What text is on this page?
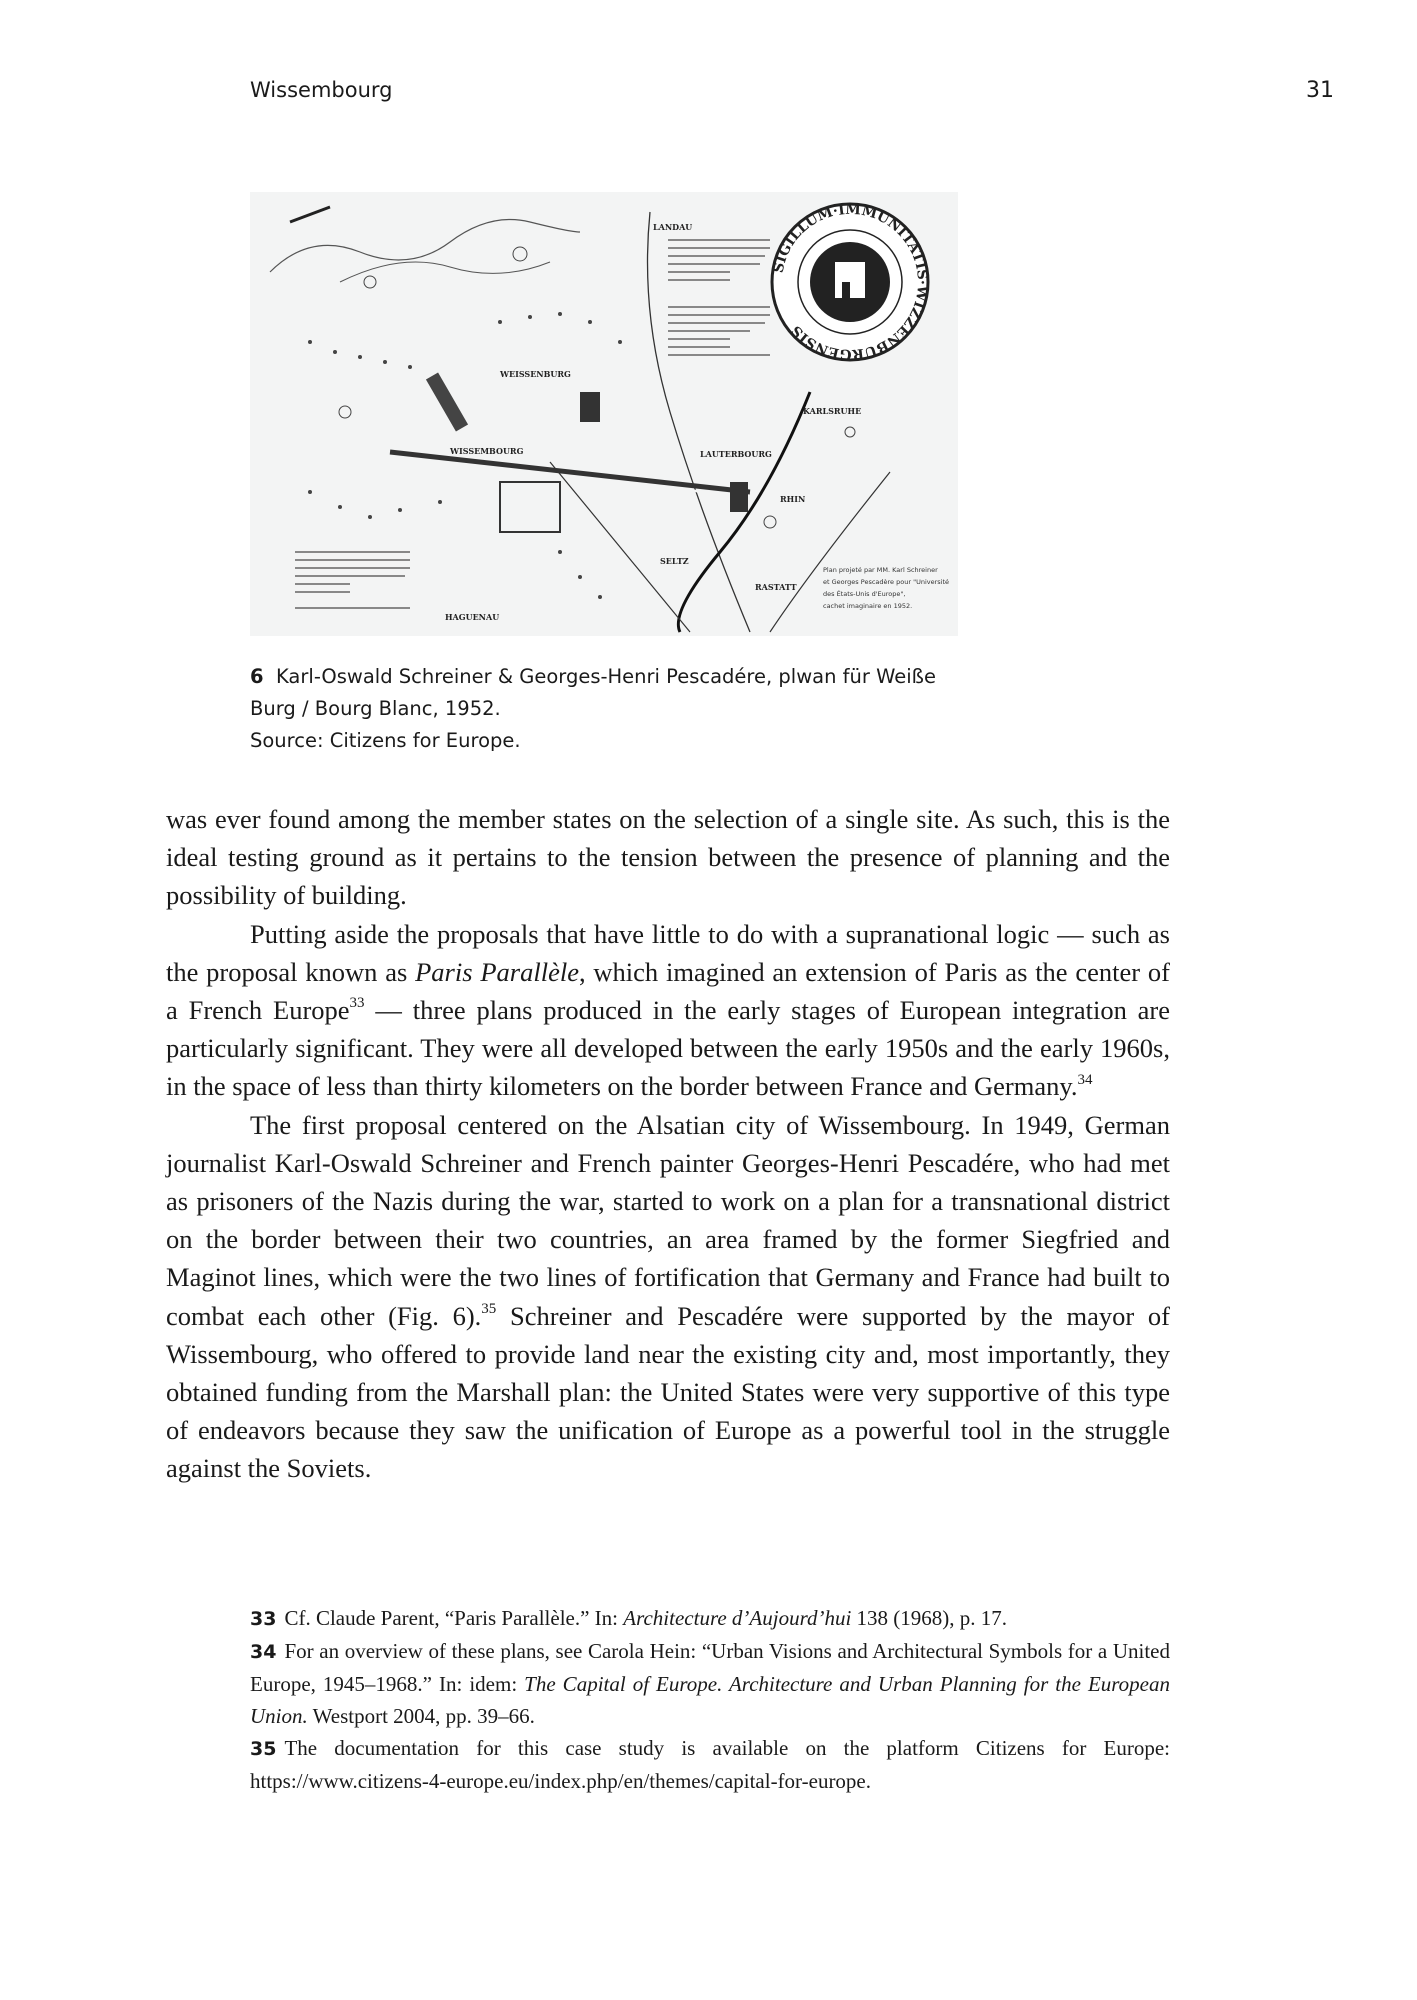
Wissembourg	31
SIGILLUM·IMMUNITATIS·WIZZENBURGENSIS
LANDAU
WEISSENBURG
WISSEMBOURG	LAUTERBOURG
KARLSRUHE
SELTZ
RASTATT
HAGUENAU
RHIN
Plan projeté par MM. Karl Schreiner
et Georges Pescadère pour "Université
des États-Unis d'Europe",
cachet imaginaire en 1952.
6 Karl-Oswald Schreiner & Georges-Henri Pescadére, plwan für Weiße Burg / Bourg Blanc, 1952.
Source: Citizens for Europe.

was ever found among the member states on the selection of a single site. As such, this is the ideal testing ground as it pertains to the tension between the presence of planning and the possibility of building.

Putting aside the proposals that have little to do with a supranational logic — such as the proposal known as Paris Parallèle, which imagined an extension of Paris as the center of a French Europe$^{33}$ — three plans produced in the early stages of European integration are particularly significant. They were all developed between the early 1950s and the early 1960s, in the space of less than thirty kilometers on the border between France and Germany.$^{34}$

The first proposal centered on the Alsatian city of Wissembourg. In 1949, German journalist Karl-Oswald Schreiner and French painter Georges-Henri Pescadére, who had met as prisoners of the Nazis during the war, started to work on a plan for a transnational district on the border between their two countries, an area framed by the former Siegfried and Maginot lines, which were the two lines of fortification that Germany and France had built to combat each other (Fig. 6).$^{35}$ Schreiner and Pescadére were supported by the mayor of Wissembourg, who offered to provide land near the existing city and, most importantly, they obtained funding from the Marshall plan: the United States were very supportive of this type of endeavors because they saw the unification of Europe as a powerful tool in the struggle against the Soviets.

33 Cf. Claude Parent, “Paris Parallèle.” In: Architecture d’Aujourd’hui 138 (1968), p. 17.

34 For an overview of these plans, see Carola Hein: “Urban Visions and Architectural Symbols for a United Europe, 1945–1968.” In: idem: The Capital of Europe. Architecture and Urban Planning for the European Union. Westport 2004, pp. 39–66.

35 The documentation for this case study is available on the platform Citizens for Europe: https://www.citizens-4-europe.eu/index.php/en/themes/capital-for-europe.
